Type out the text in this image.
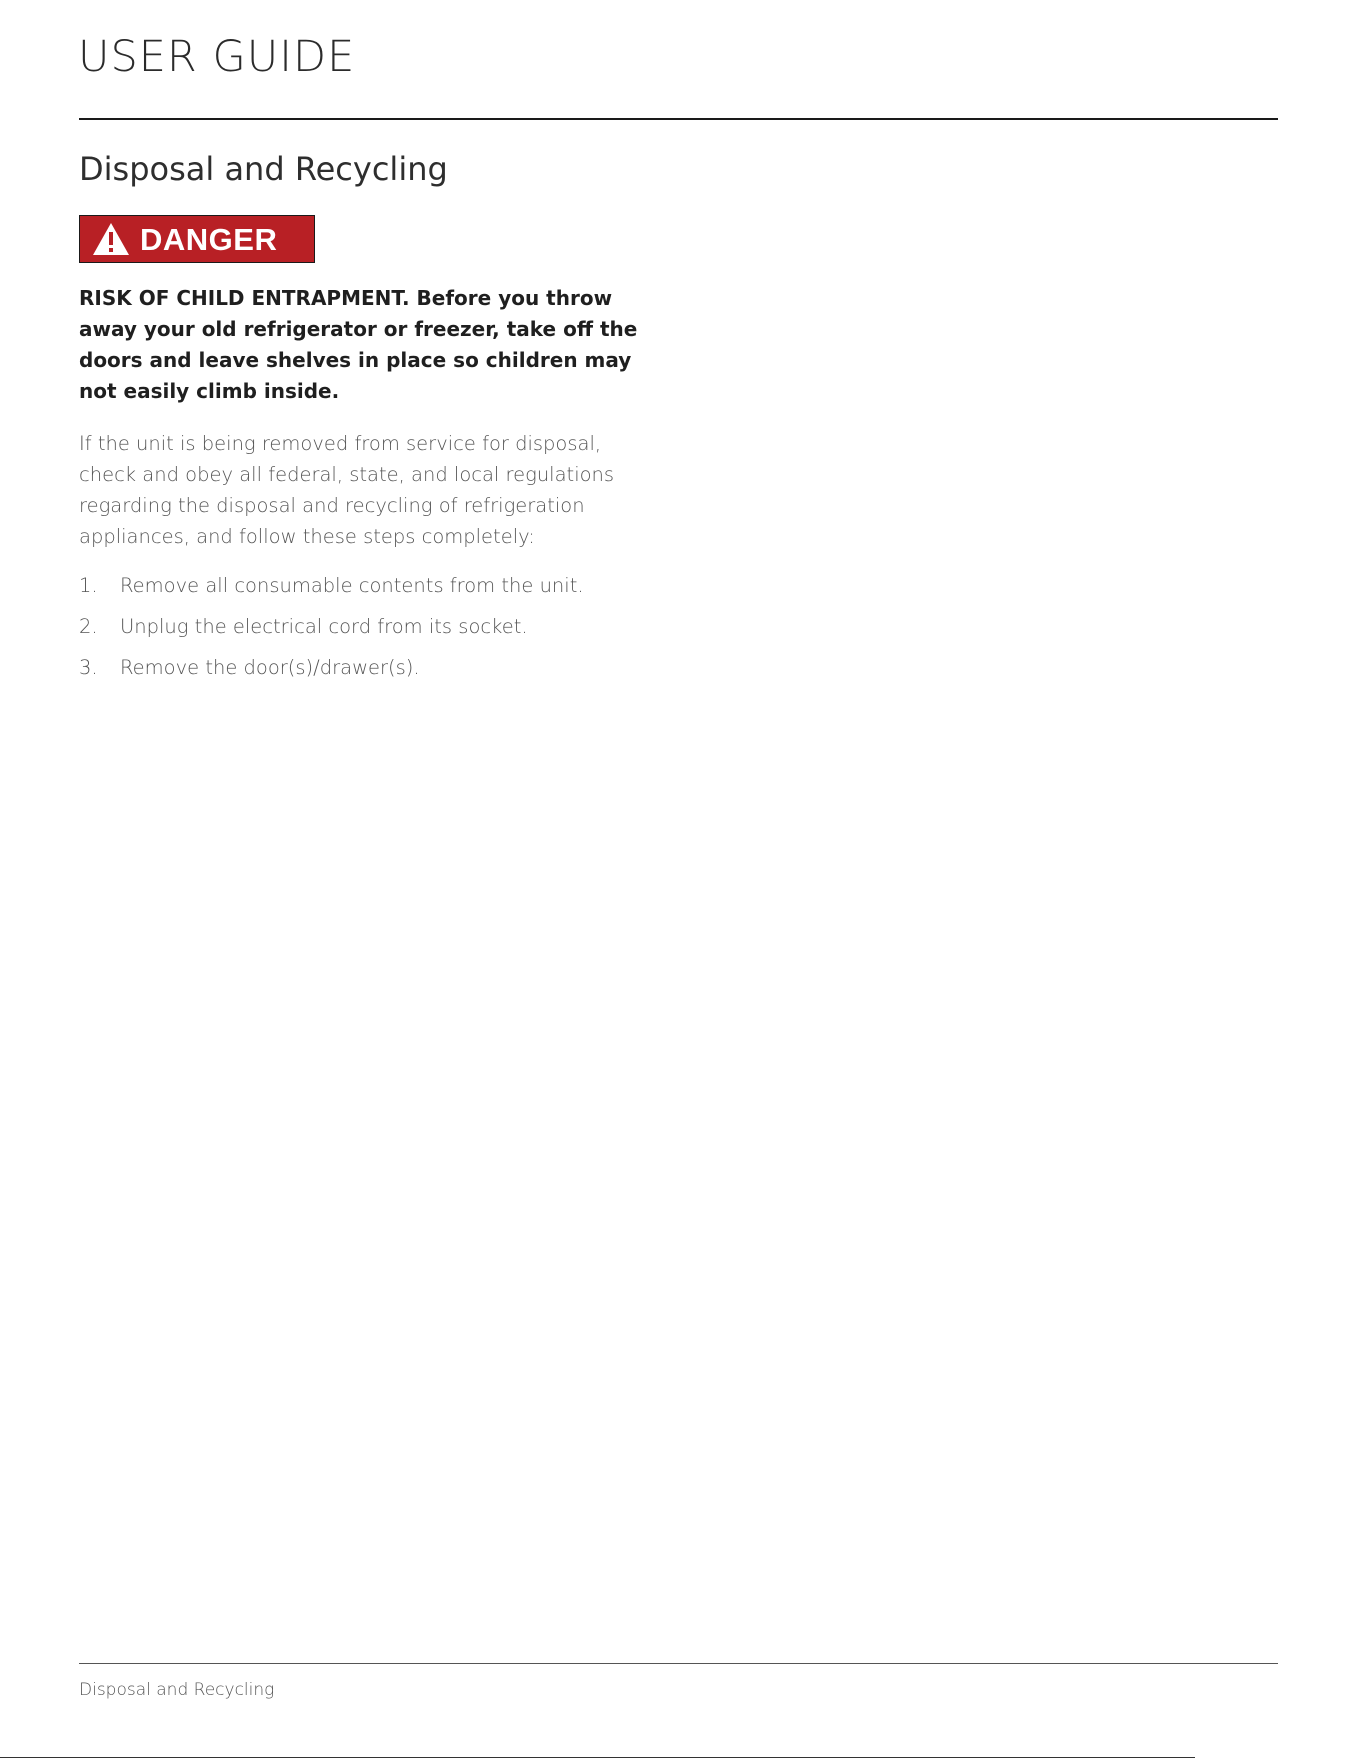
USER GUIDE
Disposal and Recycling
DANGER

RISK OF CHILD ENTRAPMENT. Before you throw away your old refrigerator or freezer, take off the doors and leave shelves in place so children may not easily climb inside.

If the unit is being removed from service for disposal, check and obey all federal, state, and local regulations regarding the disposal and recycling of refrigeration appliances, and follow these steps completely:

1.	Remove all consumable contents from the unit.
2.	Unplug the electrical cord from its socket.
3.	Remove the door(s)/drawer(s).
Disposal and Recycling
